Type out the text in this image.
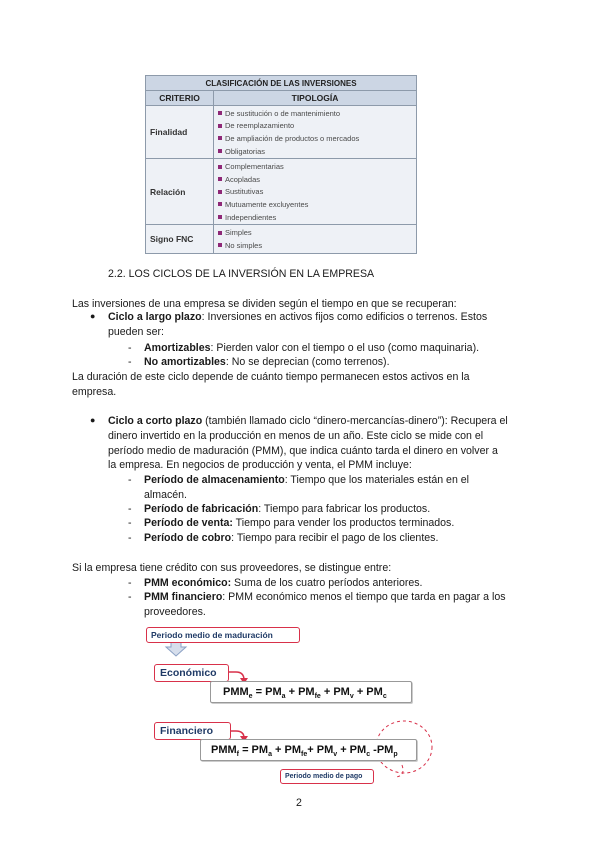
CLASIFICACIÓN DE LAS INVERSIONES	
CRITERIO	TIPOLOGÍA
Finalidad	De sustitución o de mantenimiento
De reemplazamiento
De ampliación de productos o mercados
Obligatorias

Relación	Complementarias
Acopladas
Sustitutivas
Mutuamente excluyentes
Independientes

Signo FNC	Simples
No simples
2.2. LOS CICLOS DE LA INVERSIÓN EN LA EMPRESA
Las inversiones de una empresa se dividen según el tiempo en que se recuperan:
● Ciclo a largo plazo: Inversiones en activos fijos como edificios o terrenos. Estos
pueden ser:
- Amortizables: Pierden valor con el tiempo o el uso (como maquinaria).
- No amortizables: No se deprecian (como terrenos).
La duración de este ciclo depende de cuánto tiempo permanecen estos activos en la
empresa.
● Ciclo a corto plazo (también llamado ciclo “dinero-mercancías-dinero”): Recupera el
dinero invertido en la producción en menos de un año. Este ciclo se mide con el
período medio de maduración (PMM), que indica cuánto tarda el dinero en volver a
la empresa. En negocios de producción y venta, el PMM incluye:
- Período de almacenamiento: Tiempo que los materiales están en el
almacén.
- Período de fabricación: Tiempo para fabricar los productos.
- Período de venta: Tiempo para vender los productos terminados.
- Período de cobro: Tiempo para recibir el pago de los clientes.
Si la empresa tiene crédito con sus proveedores, se distingue entre:
- PMM económico: Suma de los cuatro períodos anteriores.
- PMM financiero: PMM económico menos el tiempo que tarda en pagar a los
proveedores.
Periodo medio de maduración
Económico
$PMM_e = PM_a + PM_{fe} + PM_v + PM_c$
Financiero
$PMM_f = PM_a + PM_{fe}+ PM_v + PM_c$ $-PM_p$
Periodo medio de pago
2
